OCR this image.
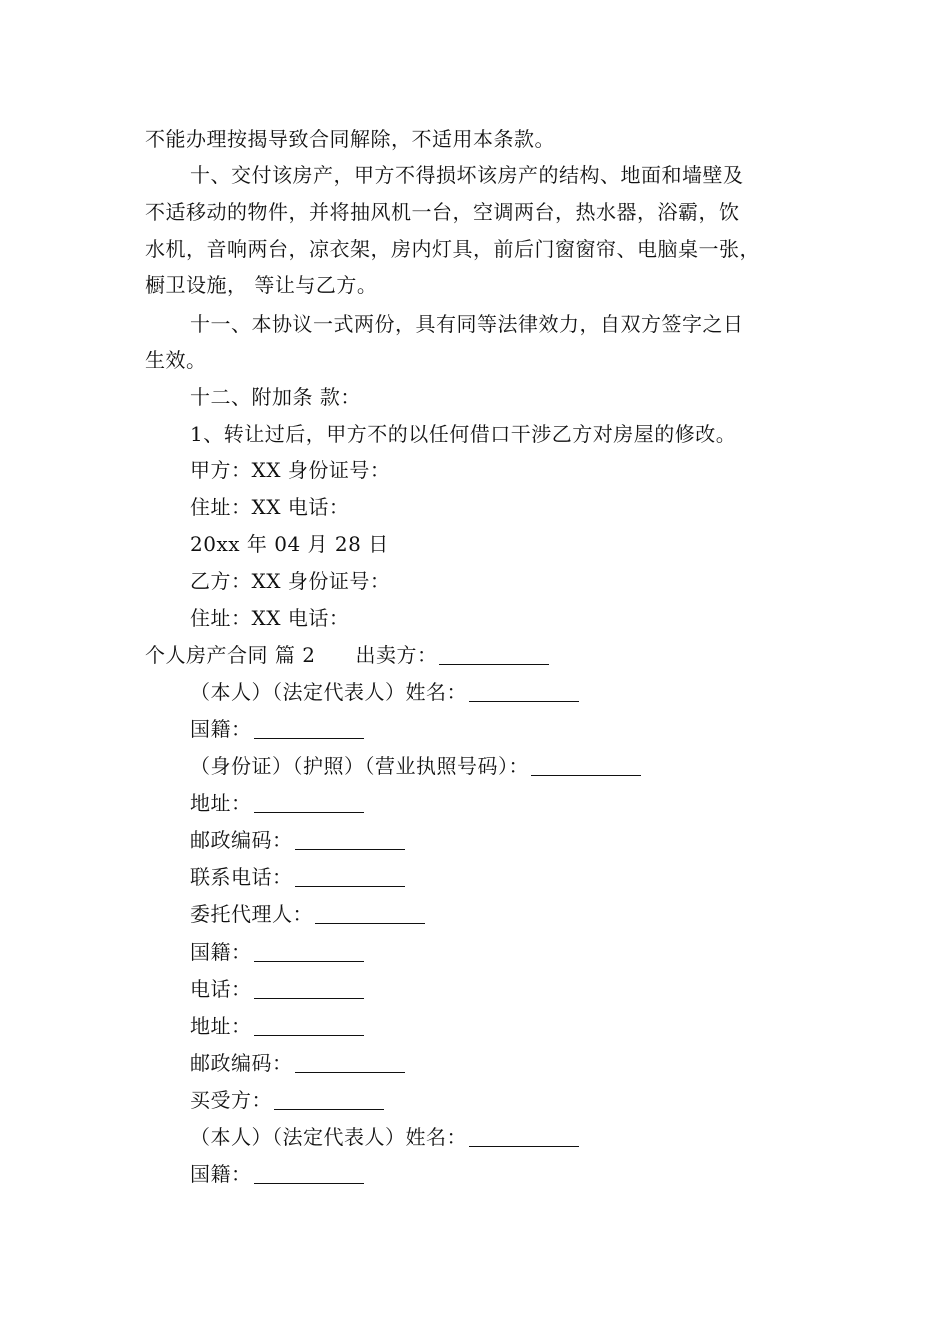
不能办理按揭导致合同解除，不适用本条款。
十、交付该房产，甲方不得损坏该房产的结构、地面和墙壁及
不适移动的物件，并将抽风机一台，空调两台，热水器，浴霸，饮
水机，音响两台，凉衣架，房内灯具，前后门窗窗帘、电脑桌一张，
橱卫设施， 等让与乙方。
十一、本协议一式两份，具有同等法律效力，自双方签字之日
生效。
十二、附加条 款：
1、转让过后，甲方不的以任何借口干涉乙方对房屋的修改。
甲方：XX 身份证号：
住址：XX 电话：
20xx 年 04 月 28 日
乙方：XX 身份证号：
住址：XX 电话：
个人房产合同 篇 2 出卖方：
（本人）（法定代表人）姓名：
国籍：
（身份证）（护照）（营业执照号码）：
地址：
邮政编码：
联系电话：
委托代理人：
国籍：
电话：
地址：
邮政编码：
买受方：
（本人）（法定代表人）姓名：
国籍：
